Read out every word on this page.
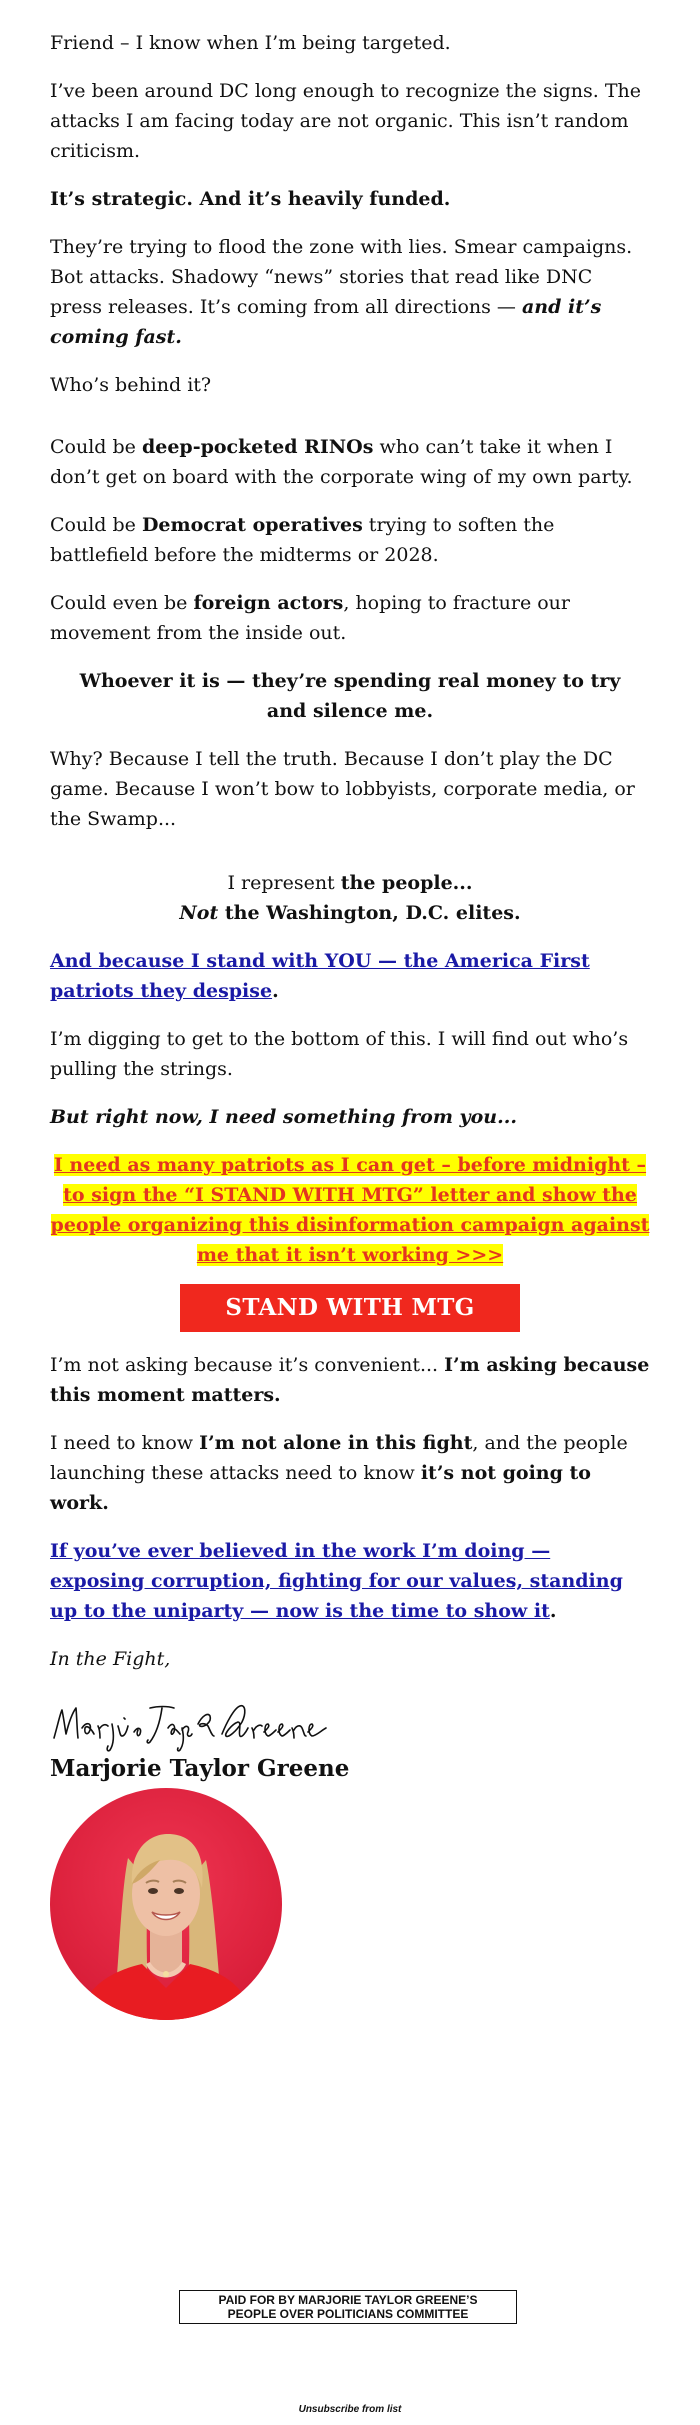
Friend – I know when I’m being targeted.

I’ve been around DC long enough to recognize the signs. The attacks I am facing today are not organic. This isn’t random criticism.

It’s strategic. And it’s heavily funded.

They’re trying to flood the zone with lies. Smear campaigns. Bot attacks. Shadowy “news” stories that read like DNC press releases. It’s coming from all directions — and it’s coming fast.

Who’s behind it?

Could be deep-pocketed RINOs who can’t take it when I don’t get on board with the corporate wing of my own party.

Could be Democrat operatives trying to soften the battlefield before the midterms or 2028.

Could even be foreign actors, hoping to fracture our movement from the inside out.

Whoever it is — they’re spending real money to try and silence me.

Why? Because I tell the truth. Because I don’t play the DC game. Because I won’t bow to lobbyists, corporate media, or the Swamp...

I represent the people...
Not the Washington, D.C. elites.

And because I stand with YOU — the America First patriots they despise.

I’m digging to get to the bottom of this. I will find out who’s pulling the strings.

But right now, I need something from you...

I need as many patriots as I can get – before midnight – to sign the “I STAND WITH MTG” letter and show the people organizing this disinformation campaign against me that it isn’t working >>>

STAND WITH MTG

I’m not asking because it’s convenient... I’m asking because this moment matters.

I need to know I’m not alone in this fight, and the people launching these attacks need to know it’s not going to work.

If you’ve ever believed in the work I’m doing — exposing corruption, fighting for our values, standing up to the uniparty — now is the time to show it.

In the Fight,

Marjorie Taylor Greene
PAID FOR BY MARJORIE TAYLOR GREENE’S
PEOPLE OVER POLITICIANS COMMITTEE
Unsubscribe from list
